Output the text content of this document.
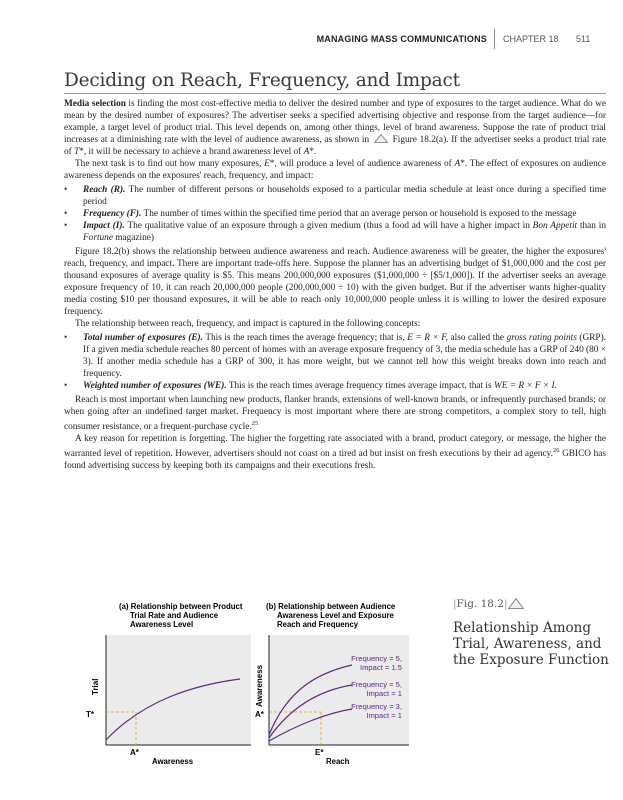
MANAGING MASS COMMUNICATIONS CHAPTER 18 511
Deciding on Reach, Frequency, and Impact

Media selection is finding the most cost-effective media to deliver the desired number and type of exposures to the target audience. What do we mean by the desired number of exposures? The advertiser seeks a specified advertising objective and response from the target audience—for example, a target level of product trial. This level depends on, among other things, level of brand awareness. Suppose the rate of product trial increases at a diminishing rate with the level of audience awareness, as shown in  Figure 18.2(a). If the advertiser seeks a product trial rate of T*, it will be necessary to achieve a brand awareness level of A*.

The next task is to find out how many exposures, E*, will produce a level of audience awareness of A*. The effect of exposures on audience awareness depends on the exposures' reach, frequency, and impact:

• Reach (R). The number of different persons or households exposed to a particular media schedule at least once during a specified time period
• Frequency (F). The number of times within the specified time period that an average person or household is exposed to the message
• Impact (I). The qualitative value of an exposure through a given medium (thus a food ad will have a higher impact in Bon Appetit than in Fortune magazine)

Figure 18.2(b) shows the relationship between audience awareness and reach. Audience awareness will be greater, the higher the exposures' reach, frequency, and impact. There are important trade-offs here. Suppose the planner has an advertising budget of $1,000,000 and the cost per thousand exposures of average quality is $5. This means 200,000,000 exposures ($1,000,000 ÷ [$5/1,000]). If the advertiser seeks an average exposure frequency of 10, it can reach 20,000,000 people (200,000,000 ÷ 10) with the given budget. But if the advertiser wants higher-quality media costing $10 per thousand exposures, it will be able to reach only 10,000,000 people unless it is willing to lower the desired exposure frequency.

The relationship between reach, frequency, and impact is captured in the following concepts:

• Total number of exposures (E). This is the reach times the average frequency; that is, E = R × F, also called the gross rating points (GRP). If a given media schedule reaches 80 percent of homes with an average exposure frequency of 3, the media schedule has a GRP of 240 (80 × 3). If another media schedule has a GRP of 300, it has more weight, but we cannot tell how this weight breaks down into reach and frequency.
• Weighted number of exposures (WE). This is the reach times average frequency times average impact, that is WE = R × F × I.

Reach is most important when launching new products, flanker brands, extensions of well-known brands, or infrequently purchased brands; or when going after an undefined target market. Frequency is most important where there are strong competitors, a complex story to tell, high consumer resistance, or a frequent-purchase cycle.$^{25}$

A key reason for repetition is forgetting. The higher the forgetting rate associated with a brand, product category, or message, the higher the warranted level of repetition. However, advertisers should not coast on a tired ad but insist on fresh executions by their ad agency.$^{26}$ GBICO has found advertising success by keeping both its campaigns and their executions fresh.

(a) Relationship between Product
Trial Rate and Audience
Awareness Level
T*
A*
Awareness
Trial
(b) Relationship between Audience
Awareness Level and Exposure
Reach and Frequency
Frequency = 5,
Impact = 1.5
Frequency = 5,
Impact = 1
Frequency = 3,
Impact = 1
A*
E*
Reach
Awareness
|Fig. 18.2|
Relationship Among Trial, Awareness, and the Exposure Function
